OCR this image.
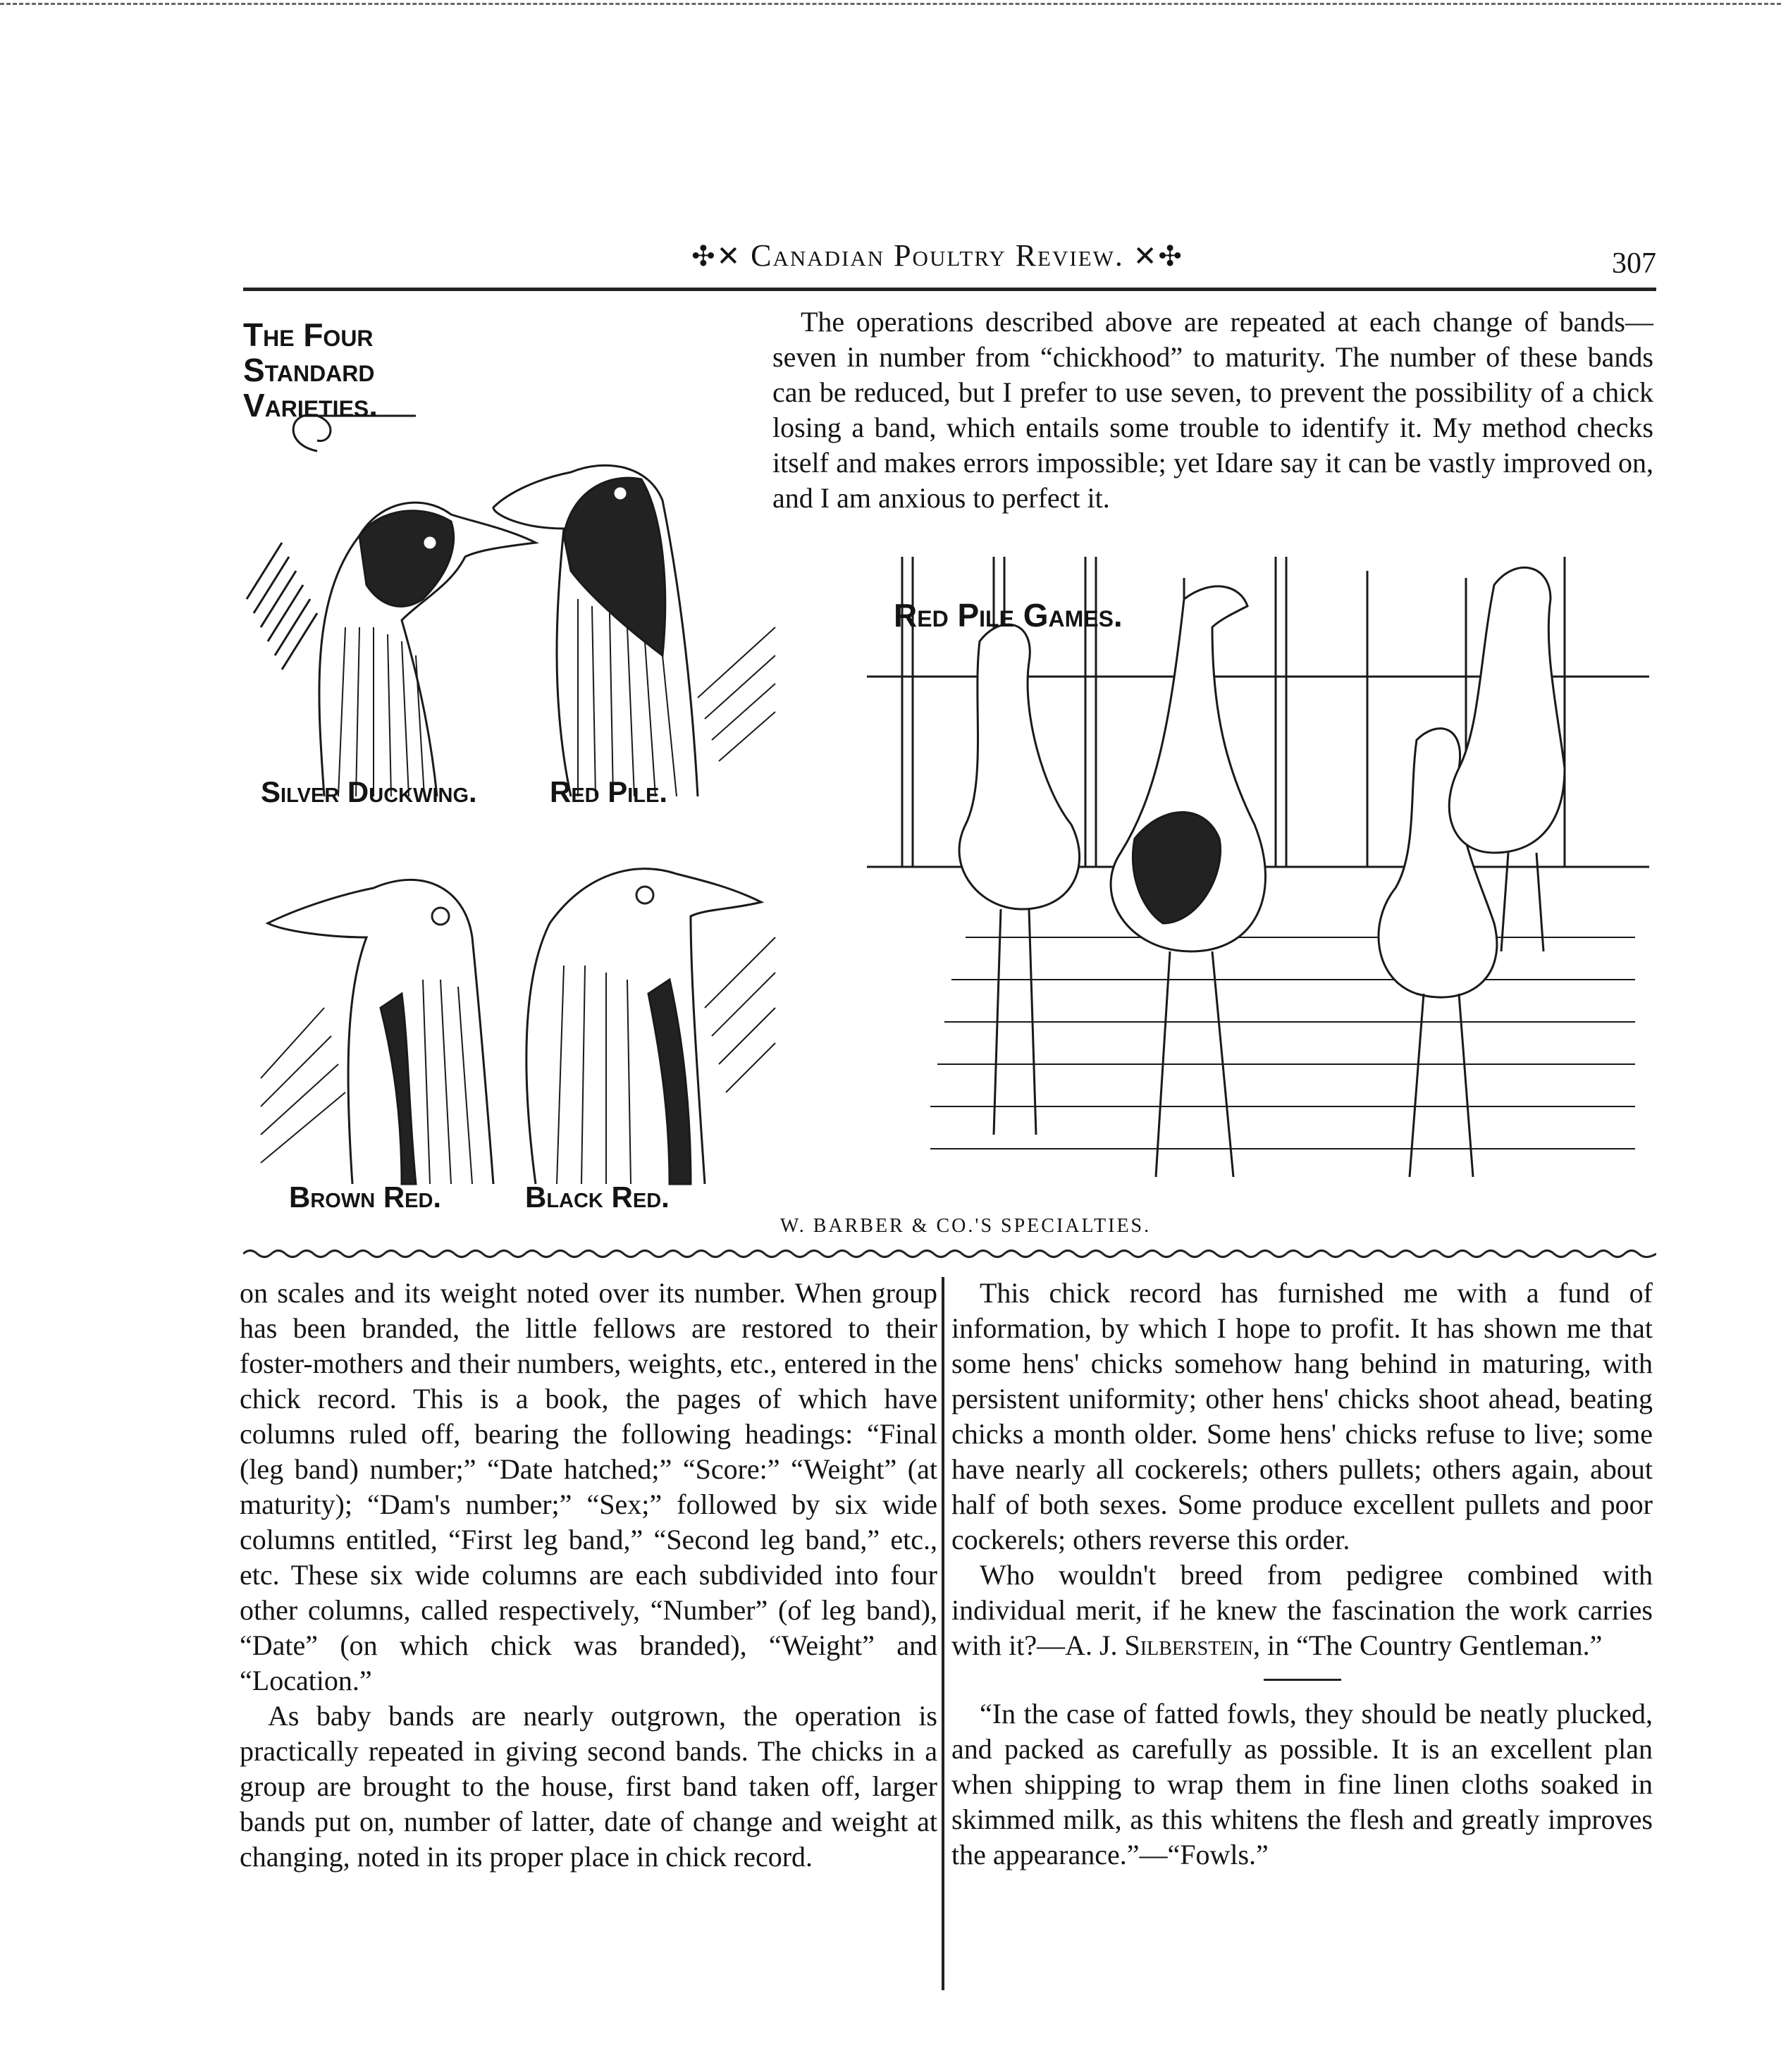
✣✕ Canadian Poultry Review. ✕✣	307
The Four Standard Varieties.
Silver Duckwing. Red Pile.
Brown Red.	Black Red.

The operations described above are repeated at each change of bands—seven in number from “chickhood” to maturity. The number of these bands can be reduced, but I prefer to use seven, to prevent the possibility of a chick losing a band, which entails some trouble to identify it. My method checks itself and makes errors impossible; yet Idare say it can be vastly improved on, and I am anxious to perfect it.

Red Pile Games.
W. BARBER & CO.'S SPECIALTIES.

on scales and its weight noted over its number. When group has been branded, the little fellows are restored to their foster-mothers and their numbers, weights, etc., entered in the chick record. This is a book, the pages of which have columns ruled off, bearing the following headings: “Final (leg band) number;” “Date hatched;” “Score:” “Weight” (at maturity); “Dam's number;” “Sex;” followed by six wide columns entitled, “First leg band,” “Second leg band,” etc., etc. These six wide columns are each subdivided into four other columns, called respectively, “Number” (of leg band), “Date” (on which chick was branded), “Weight” and “Location.”

As baby bands are nearly outgrown, the operation is practically repeated in giving second bands. The chicks in a group are brought to the house, first band taken off, larger bands put on, number of latter, date of change and weight at changing, noted in its proper place in chick record.

This chick record has furnished me with a fund of information, by which I hope to profit. It has shown me that some hens' chicks somehow hang behind in maturing, with persistent uniformity; other hens' chicks shoot ahead, beating chicks a month older. Some hens' chicks refuse to live; some have nearly all cockerels; others pullets; others again, about half of both sexes. Some produce excellent pullets and poor cockerels; others reverse this order.

Who wouldn't breed from pedigree combined with individual merit, if he knew the fascination the work carries with it?—A. J. Silberstein, in “The Country Gentleman.”

“In the case of fatted fowls, they should be neatly plucked, and packed as carefully as possible. It is an excellent plan when shipping to wrap them in fine linen cloths soaked in skimmed milk, as this whitens the flesh and greatly improves the appearance.”—“Fowls.”
